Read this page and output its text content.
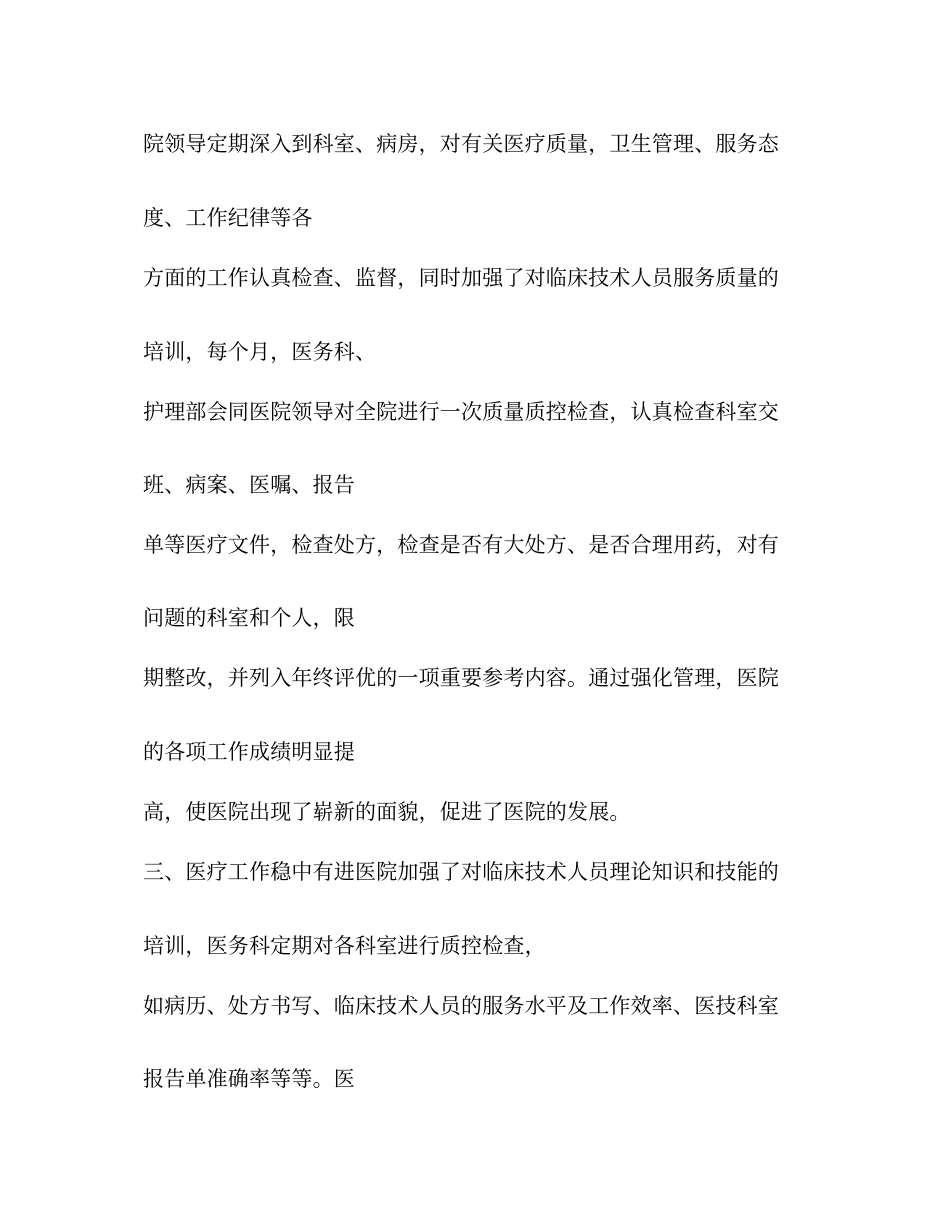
院领导定期深入到科室、病房，对有关医疗质量，卫生管理、服务态

度、工作纪律等各

方面的工作认真检查、监督，同时加强了对临床技术人员服务质量的

培训，每个月，医务科、

护理部会同医院领导对全院进行一次质量质控检查，认真检查科室交

班、病案、医嘱、报告

单等医疗文件，检查处方，检查是否有大处方、是否合理用药，对有

问题的科室和个人，限

期整改，并列入年终评优的一项重要参考内容。通过强化管理，医院

的各项工作成绩明显提

高，使医院出现了崭新的面貌，促进了医院的发展。

三、医疗工作稳中有进医院加强了对临床技术人员理论知识和技能的

培训，医务科定期对各科室进行质控检查，

如病历、处方书写、临床技术人员的服务水平及工作效率、医技科室

报告单准确率等等。医
